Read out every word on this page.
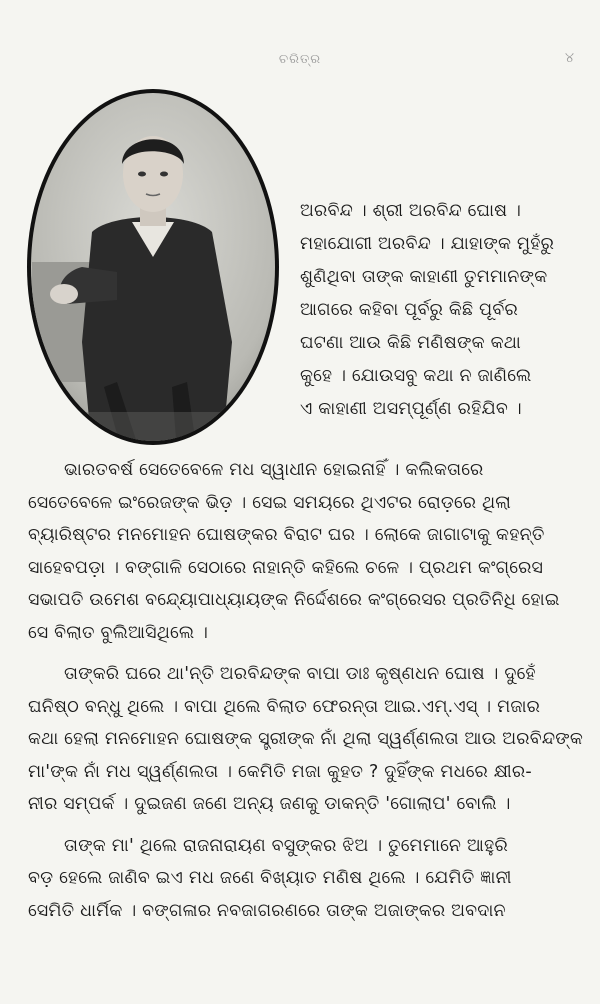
ଚରିତ୍ର	୪
ଅରବିନ୍ଦ । ଶ୍ରୀ ଅରବିନ୍ଦ ଘୋଷ ।
ମହାଯୋଗୀ ଅରବିନ୍ଦ । ଯାହାଙ୍କ ମୁହଁରୁ
ଶୁଣିଥିବା ତାଙ୍କ କାହାଣୀ ତୁମମାନଙ୍କ
ଆଗରେ କହିବା ପୂର୍ବରୁ କିଛି ପୂର୍ବର
ଘଟଣା ଆଉ କିଛି ମଣିଷଙ୍କ କଥା
କୁହେ । ଯୋଉସବୁ କଥା ନ ଜାଣିଲେ
ଏ କାହାଣୀ ଅସମ୍ପୂର୍ଣ୍ଣ ରହିଯିବ ।
ଭାରତବର୍ଷ ସେତେବେଳେ ମଧ ସ୍ୱାଧୀନ ହୋଇନାହିଁ । କଲିକତାରେ
ସେତେବେଳେ ଇଂରେଜଙ୍କ ଭିଡ଼ । ସେଇ ସମୟରେ ଥିଏଟର ରୋଡ଼ରେ ଥିଲା
ବ୍ୟାରିଷ୍ଟର ମନମୋହନ ଘୋଷଙ୍କର ବିରାଟ ଘର । ଲୋକେ ଜାଗାଟାକୁ କହନ୍ତି
ସାହେବପଡ଼ା । ବଙ୍ଗାଳି ସେଠାରେ ନାହାନ୍ତି କହିଲେ ଚଳେ । ପ୍ରଥମ କଂଗ୍ରେସ
ସଭାପତି ଉମେଶ ବନ୍ଦ୍ୟୋପାଧ୍ୟାୟଙ୍କ ନିର୍ଦ୍ଦେଶରେ କଂଗ୍ରେସର ପ୍ରତିନିଧି ହୋଇ
ସେ ବିଲାତ ବୁଲିଆସିଥିଲେ ।
ତାଙ୍କରି ଘରେ ଥା'ନ୍ତି ଅରବିନ୍ଦଙ୍କ ବାପା ଡାଃ କୃଷ୍ଣଧନ ଘୋଷ । ଦୁହେଁ
ଘନିଷ୍ଠ ବନ୍ଧୁ ଥିଲେ । ବାପା ଥିଲେ ବିଲାତ ଫେରନ୍ତା ଆଇ.ଏମ୍.ଏସ୍ । ମଜାର
କଥା ହେଲା ମନମୋହନ ଘୋଷଙ୍କ ସ୍ତ୍ରୀଙ୍କ ନାଁ ଥିଲା ସ୍ୱର୍ଣ୍ଣଲତା ଆଉ ଅରବିନ୍ଦଙ୍କ
ମା'ଙ୍କ ନାଁ ମଧ ସ୍ୱର୍ଣ୍ଣଲତା । କେମିତି ମଜା କୁହତ ? ଦୁହିଁଙ୍କ ମଧରେ କ୍ଷୀର-
ନୀର ସମ୍ପର୍କ । ଦୁଇଜଣ ଜଣେ ଅନ୍ୟ ଜଣକୁ ଡାକନ୍ତି 'ଗୋଲାପ' ବୋଲି ।
ତାଙ୍କ ମା' ଥିଲେ ରାଜନାରାୟଣ ବସୁଙ୍କର ଝିଅ । ତୁମେମାନେ ଆହୁରି
ବଡ଼ ହେଲେ ଜାଣିବ ଇଏ ମଧ ଜଣେ ବିଖ୍ୟାତ ମଣିଷ ଥିଲେ । ଯେମିତି ଜ୍ଞାନୀ
ସେମିତି ଧାର୍ମିକ । ବଙ୍ଗଳାର ନବଜାଗରଣରେ ତାଙ୍କ ଅଜାଙ୍କର ଅବଦାନ
